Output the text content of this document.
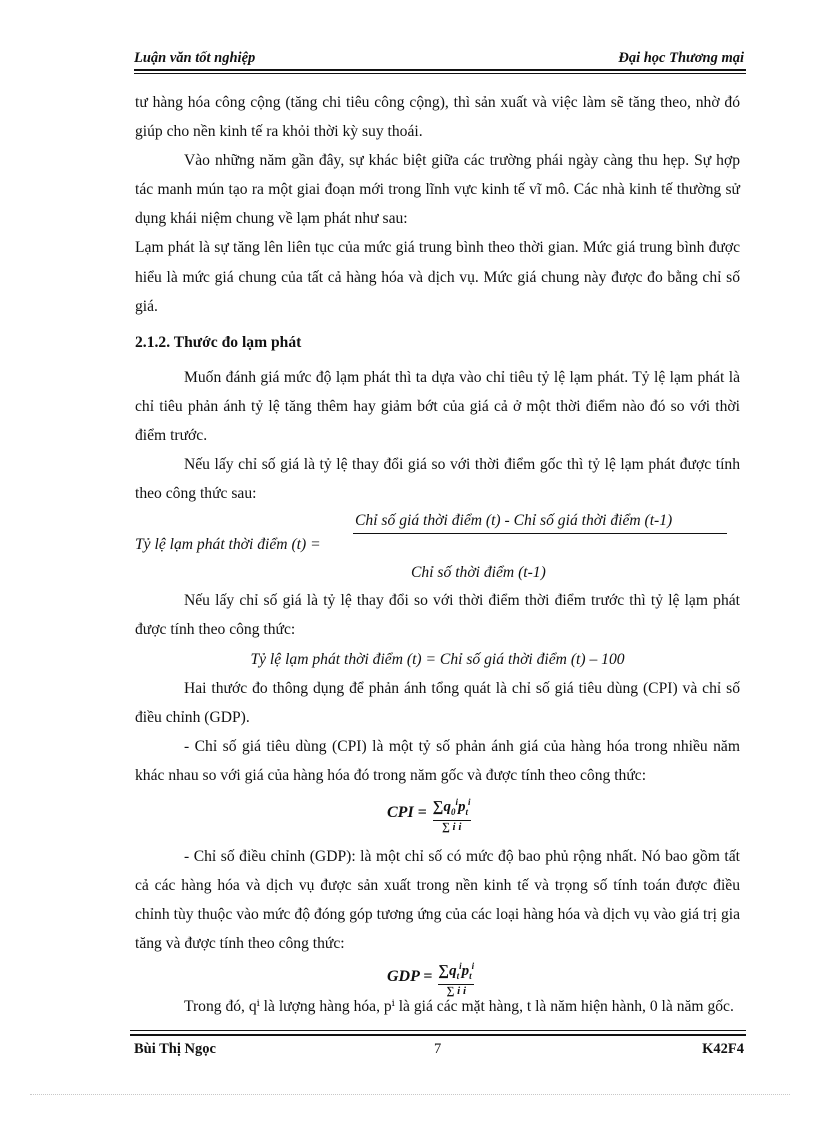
Luận văn tốt nghiệp	Đại học Thương mại

tư hàng hóa công cộng (tăng chi tiêu công cộng), thì sản xuất và việc làm sẽ tăng theo, nhờ đó giúp cho nền kinh tế ra khỏi thời kỳ suy thoái.

Vào những năm gần đây, sự khác biệt giữa các trường phái ngày càng thu hẹp. Sự hợp tác manh mún tạo ra một giai đoạn mới trong lĩnh vực kinh tế vĩ mô. Các nhà kinh tế thường sử dụng khái niệm chung về lạm phát như sau:

Lạm phát là sự tăng lên liên tục của mức giá trung bình theo thời gian. Mức giá trung bình được hiểu là mức giá chung của tất cả hàng hóa và dịch vụ. Mức giá chung này được đo bằng chỉ số giá.

2.1.2. Thước đo lạm phát

Muốn đánh giá mức độ lạm phát thì ta dựa vào chỉ tiêu tỷ lệ lạm phát. Tỷ lệ lạm phát là chỉ tiêu phản ánh tỷ lệ tăng thêm hay giảm bớt của giá cả ở một thời điểm nào đó so với thời điểm trước.

Nếu lấy chỉ số giá là tỷ lệ thay đổi giá so với thời điểm gốc thì tỷ lệ lạm phát được tính theo công thức sau:

Chỉ số giá thời điểm (t) - Chỉ số giá thời điểm (t-1)
Tỷ lệ lạm phát thời điểm (t) =
Chỉ số thời điểm (t-1)

Nếu lấy chỉ số giá là tỷ lệ thay đổi so với thời điểm thời điểm trước thì tỷ lệ lạm phát được tính theo công thức:

Tỷ lệ lạm phát thời điểm (t) = Chỉ số giá thời điểm (t) – 100

Hai thước đo thông dụng để phản ánh tổng quát là chỉ số giá tiêu dùng (CPI) và chỉ số điều chỉnh (GDP).

- Chỉ số giá tiêu dùng (CPI) là một tỷ số phản ánh giá của hàng hóa trong nhiều năm khác nhau so với giá của hàng hóa đó trong năm gốc và được tính theo công thức:

CPI = $\frac{\sum q_0^ip_t^i}{\text{∑ i i}}$

- Chỉ số điều chỉnh (GDP): là một chỉ số có mức độ bao phủ rộng nhất. Nó bao gồm tất cả các hàng hóa và dịch vụ được sản xuất trong nền kinh tế và trọng số tính toán được điều chỉnh tùy thuộc vào mức độ đóng góp tương ứng của các loại hàng hóa và dịch vụ vào giá trị gia tăng và được tính theo công thức:

GDP = $\frac{\sum q_t^ip_t^i}{\text{∑ i i}}$

Trong đó, qⁱ là lượng hàng hóa, pⁱ là giá các mặt hàng, t là năm hiện hành, 0 là năm gốc.

Bùi Thị Ngọc	7	K42F4
